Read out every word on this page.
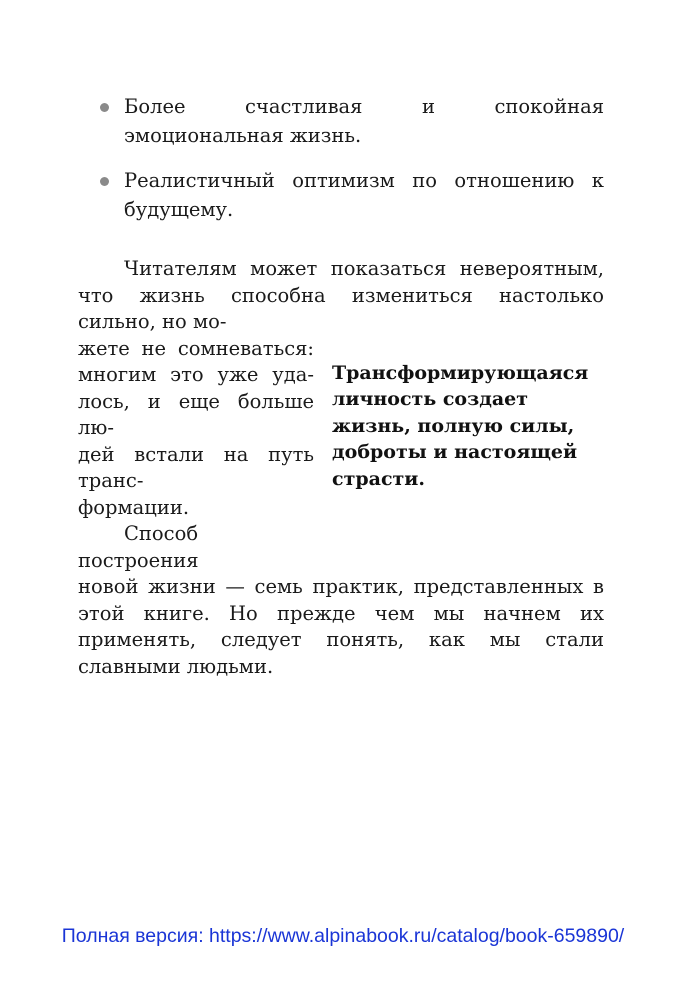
Более счастливая и спокойная эмоциональная жизнь.
Реалистичный оптимизм по отношению к будущему.

Читателям может показаться невероятным, что жизнь способна измениться настолько сильно, но мо-

жете не сомневаться:
многим это уже уда-
лось, и еще больше лю-
дей встали на путь транс-
формации.
Способ построения
Трансформирующаяся личность создает жизнь, полную силы, доброты и настоящей страсти.

новой жизни — семь практик, представленных в этой книге. Но прежде чем мы начнем их применять, следует понять, как мы стали славными людьми.

Полная версия: https://www.alpinabook.ru/catalog/book-659890/
